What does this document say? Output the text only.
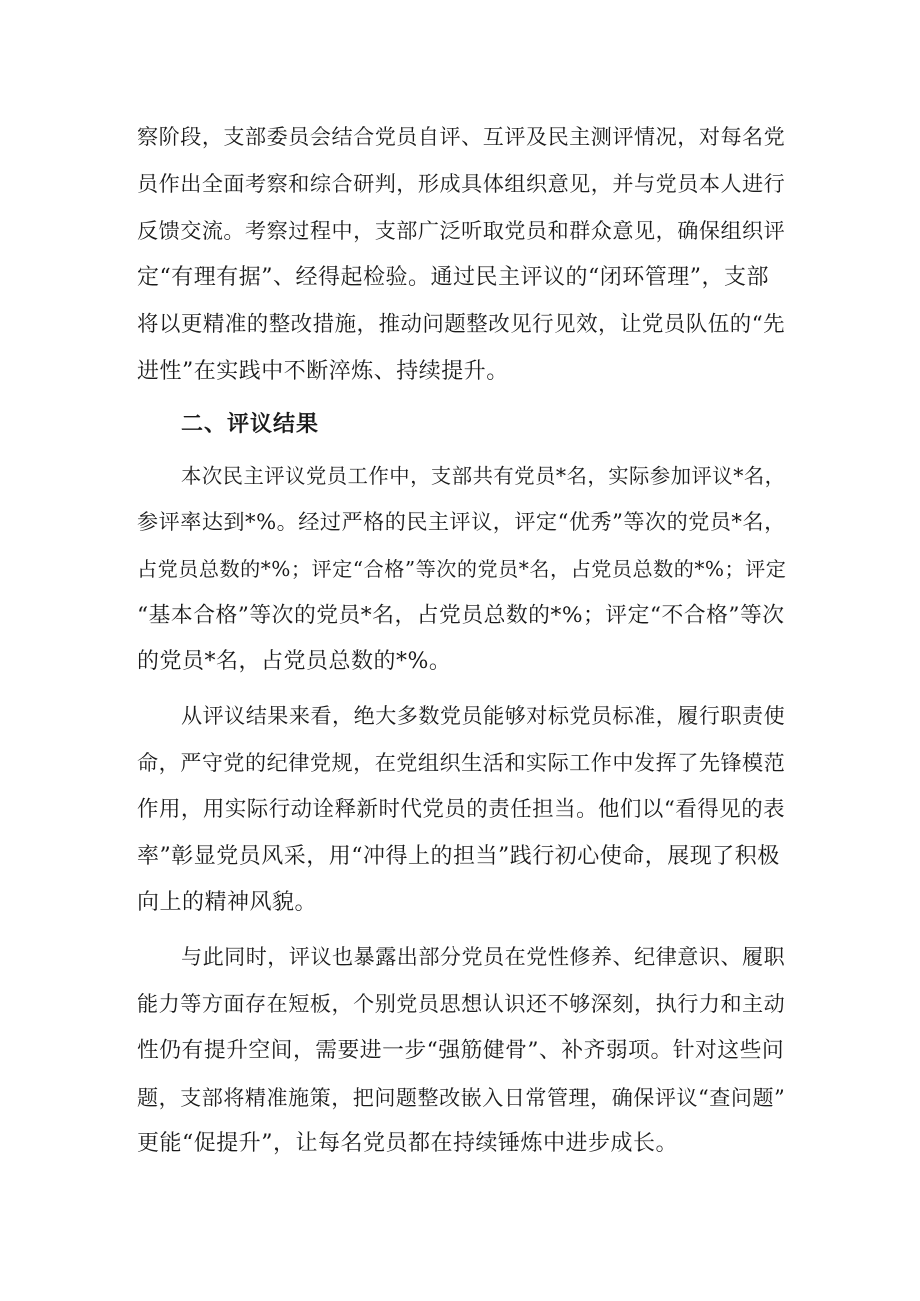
察阶段，支部委员会结合党员自评、互评及民主测评情况，对每名党
员作出全面考察和综合研判，形成具体组织意见，并与党员本人进行
反馈交流。考察过程中，支部广泛听取党员和群众意见，确保组织评
定“有理有据”、经得起检验。通过民主评议的“闭环管理”，支部
将以更精准的整改措施，推动问题整改见行见效，让党员队伍的“先
进性”在实践中不断淬炼、持续提升。
二、评议结果
本次民主评议党员工作中，支部共有党员*名，实际参加评议*名，
参评率达到*%。经过严格的民主评议，评定“优秀”等次的党员*名，
占党员总数的*%；评定“合格”等次的党员*名，占党员总数的*%；评定
“基本合格”等次的党员*名，占党员总数的*%；评定“不合格”等次
的党员*名，占党员总数的*%。
从评议结果来看，绝大多数党员能够对标党员标准，履行职责使
命，严守党的纪律党规，在党组织生活和实际工作中发挥了先锋模范
作用，用实际行动诠释新时代党员的责任担当。他们以“看得见的表
率”彰显党员风采，用“冲得上的担当”践行初心使命，展现了积极
向上的精神风貌。
与此同时，评议也暴露出部分党员在党性修养、纪律意识、履职
能力等方面存在短板，个别党员思想认识还不够深刻，执行力和主动
性仍有提升空间，需要进一步“强筋健骨”、补齐弱项。针对这些问
题，支部将精准施策，把问题整改嵌入日常管理，确保评议“查问题”
更能“促提升”，让每名党员都在持续锤炼中进步成长。
